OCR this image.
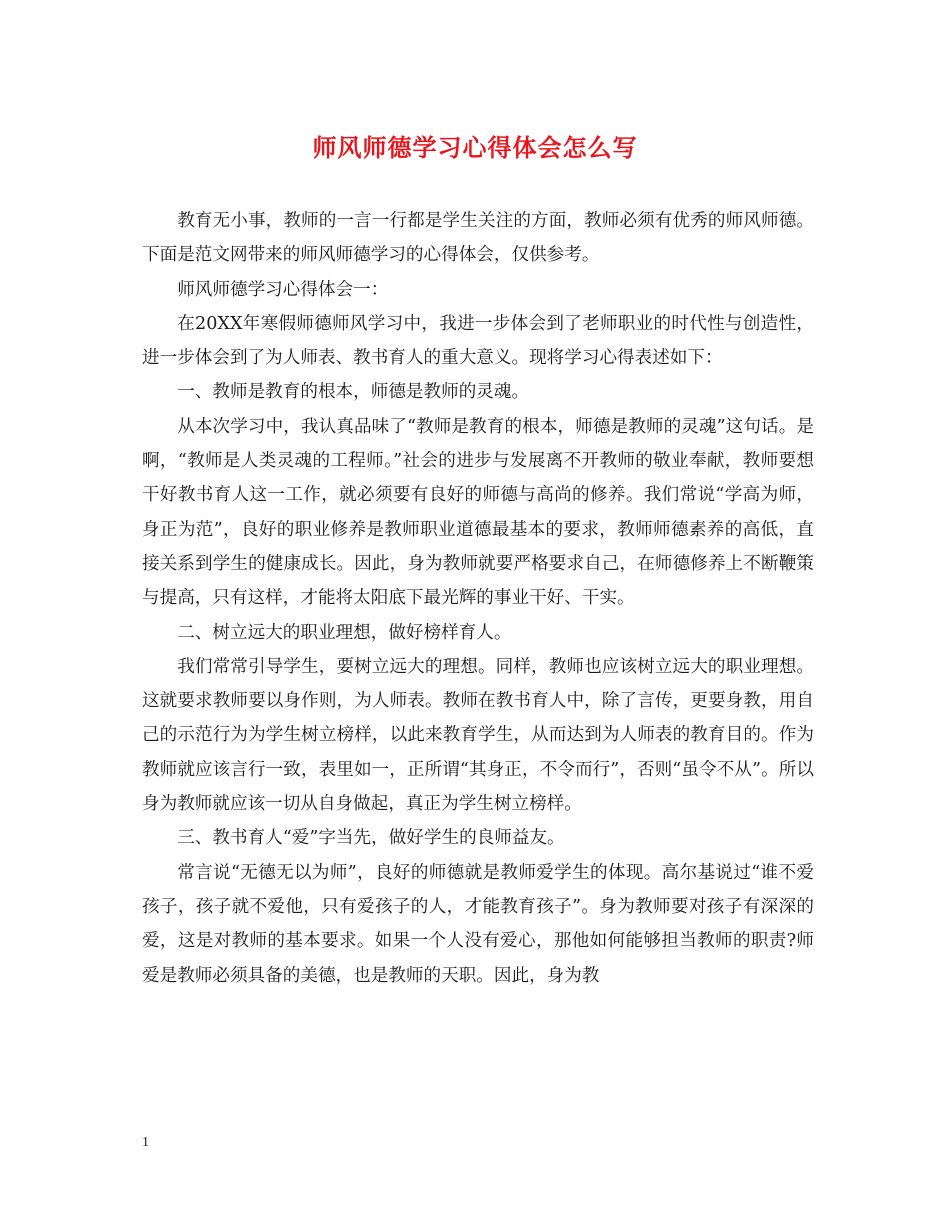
师风师德学习心得体会怎么写

教育无小事，教师的一言一行都是学生关注的方面，教师必须有优秀的师风师德。下面是范文网带来的师风师德学习的心得体会，仅供参考。

师风师德学习心得体会一：

在20XX年寒假师德师风学习中，我进一步体会到了老师职业的时代性与创造性，进一步体会到了为人师表、教书育人的重大意义。现将学习心得表述如下：

一、教师是教育的根本，师德是教师的灵魂。

从本次学习中，我认真品味了“教师是教育的根本，师德是教师的灵魂”这句话。是啊，“教师是人类灵魂的工程师。”社会的进步与发展离不开教师的敬业奉献，教师要想干好教书育人这一工作，就必须要有良好的师德与高尚的修养。我们常说“学高为师，身正为范”，良好的职业修养是教师职业道德最基本的要求，教师师德素养的高低，直接关系到学生的健康成长。因此，身为教师就要严格要求自己，在师德修养上不断鞭策与提高，只有这样，才能将太阳底下最光辉的事业干好、干实。

二、树立远大的职业理想，做好榜样育人。

我们常常引导学生，要树立远大的理想。同样，教师也应该树立远大的职业理想。这就要求教师要以身作则，为人师表。教师在教书育人中，除了言传，更要身教，用自己的示范行为为学生树立榜样，以此来教育学生，从而达到为人师表的教育目的。作为教师就应该言行一致，表里如一，正所谓“其身正，不令而行”，否则“虽令不从”。所以身为教师就应该一切从自身做起，真正为学生树立榜样。

三、教书育人“爱”字当先，做好学生的良师益友。

常言说“无德无以为师”，良好的师德就是教师爱学生的体现。高尔基说过“谁不爱孩子，孩子就不爱他，只有爱孩子的人，才能教育孩子”。身为教师要对孩子有深深的爱，这是对教师的基本要求。如果一个人没有爱心，那他如何能够担当教师的职责?师爱是教师必须具备的美德，也是教师的天职。因此，身为教

1
